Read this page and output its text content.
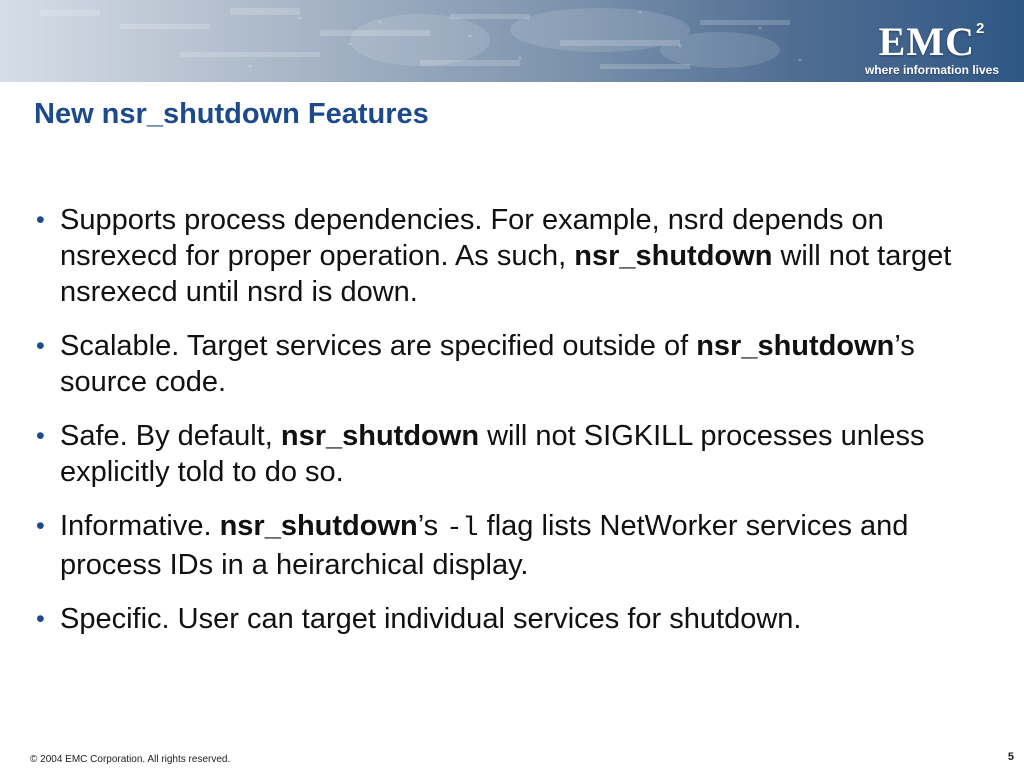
EMC$^2$
where information lives
New nsr_shutdown Features
• Supports process dependencies. For example, nsrd depends on nsrexecd for proper operation. As such, nsr_shutdown will not target nsrexecd until nsrd is down.
• Scalable. Target services are specified outside of nsr_shutdown’s source code.
• Safe. By default, nsr_shutdown will not SIGKILL processes unless explicitly told to do so.
• Informative. nsr_shutdown’s -l flag lists NetWorker services and process IDs in a heirarchical display.
• Specific. User can target individual services for shutdown.
© 2004 EMC Corporation. All rights reserved.	5
